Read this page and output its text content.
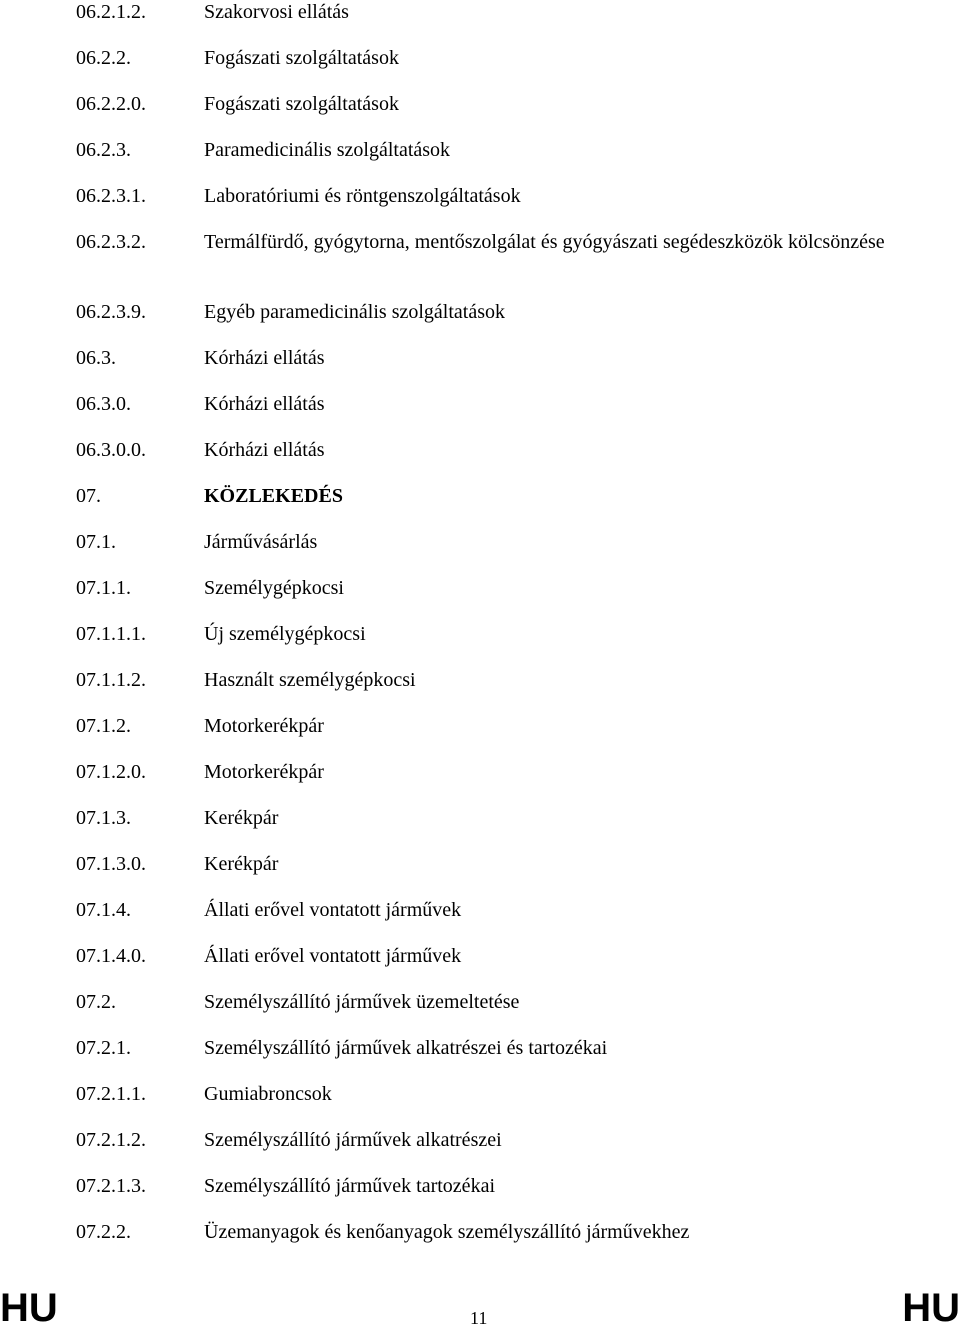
06.2.1.2.	Szakorvosi ellátás
06.2.2.	Fogászati szolgáltatások
06.2.2.0.	Fogászati szolgáltatások
06.2.3.	Paramedicinális szolgáltatások
06.2.3.1.	Laboratóriumi és röntgenszolgáltatások
06.2.3.2.	Termálfürdő, gyógytorna, mentőszolgálat és gyógyászati segédeszközök kölcsönzése
06.2.3.9.	Egyéb paramedicinális szolgáltatások
06.3.	Kórházi ellátás
06.3.0.	Kórházi ellátás
06.3.0.0.	Kórházi ellátás
07.	KÖZLEKEDÉS
07.1.	Járművásárlás
07.1.1.	Személygépkocsi
07.1.1.1.	Új személygépkocsi
07.1.1.2.	Használt személygépkocsi
07.1.2.	Motorkerékpár
07.1.2.0.	Motorkerékpár
07.1.3.	Kerékpár
07.1.3.0.	Kerékpár
07.1.4.	Állati erővel vontatott járművek
07.1.4.0.	Állati erővel vontatott járművek
07.2.	Személyszállító járművek üzemeltetése
07.2.1.	Személyszállító járművek alkatrészei és tartozékai
07.2.1.1.	Gumiabroncsok
07.2.1.2.	Személyszállító járművek alkatrészei
07.2.1.3.	Személyszállító járművek tartozékai
07.2.2.	Üzemanyagok és kenőanyagok személyszállító járművekhez
HU	11	HU
